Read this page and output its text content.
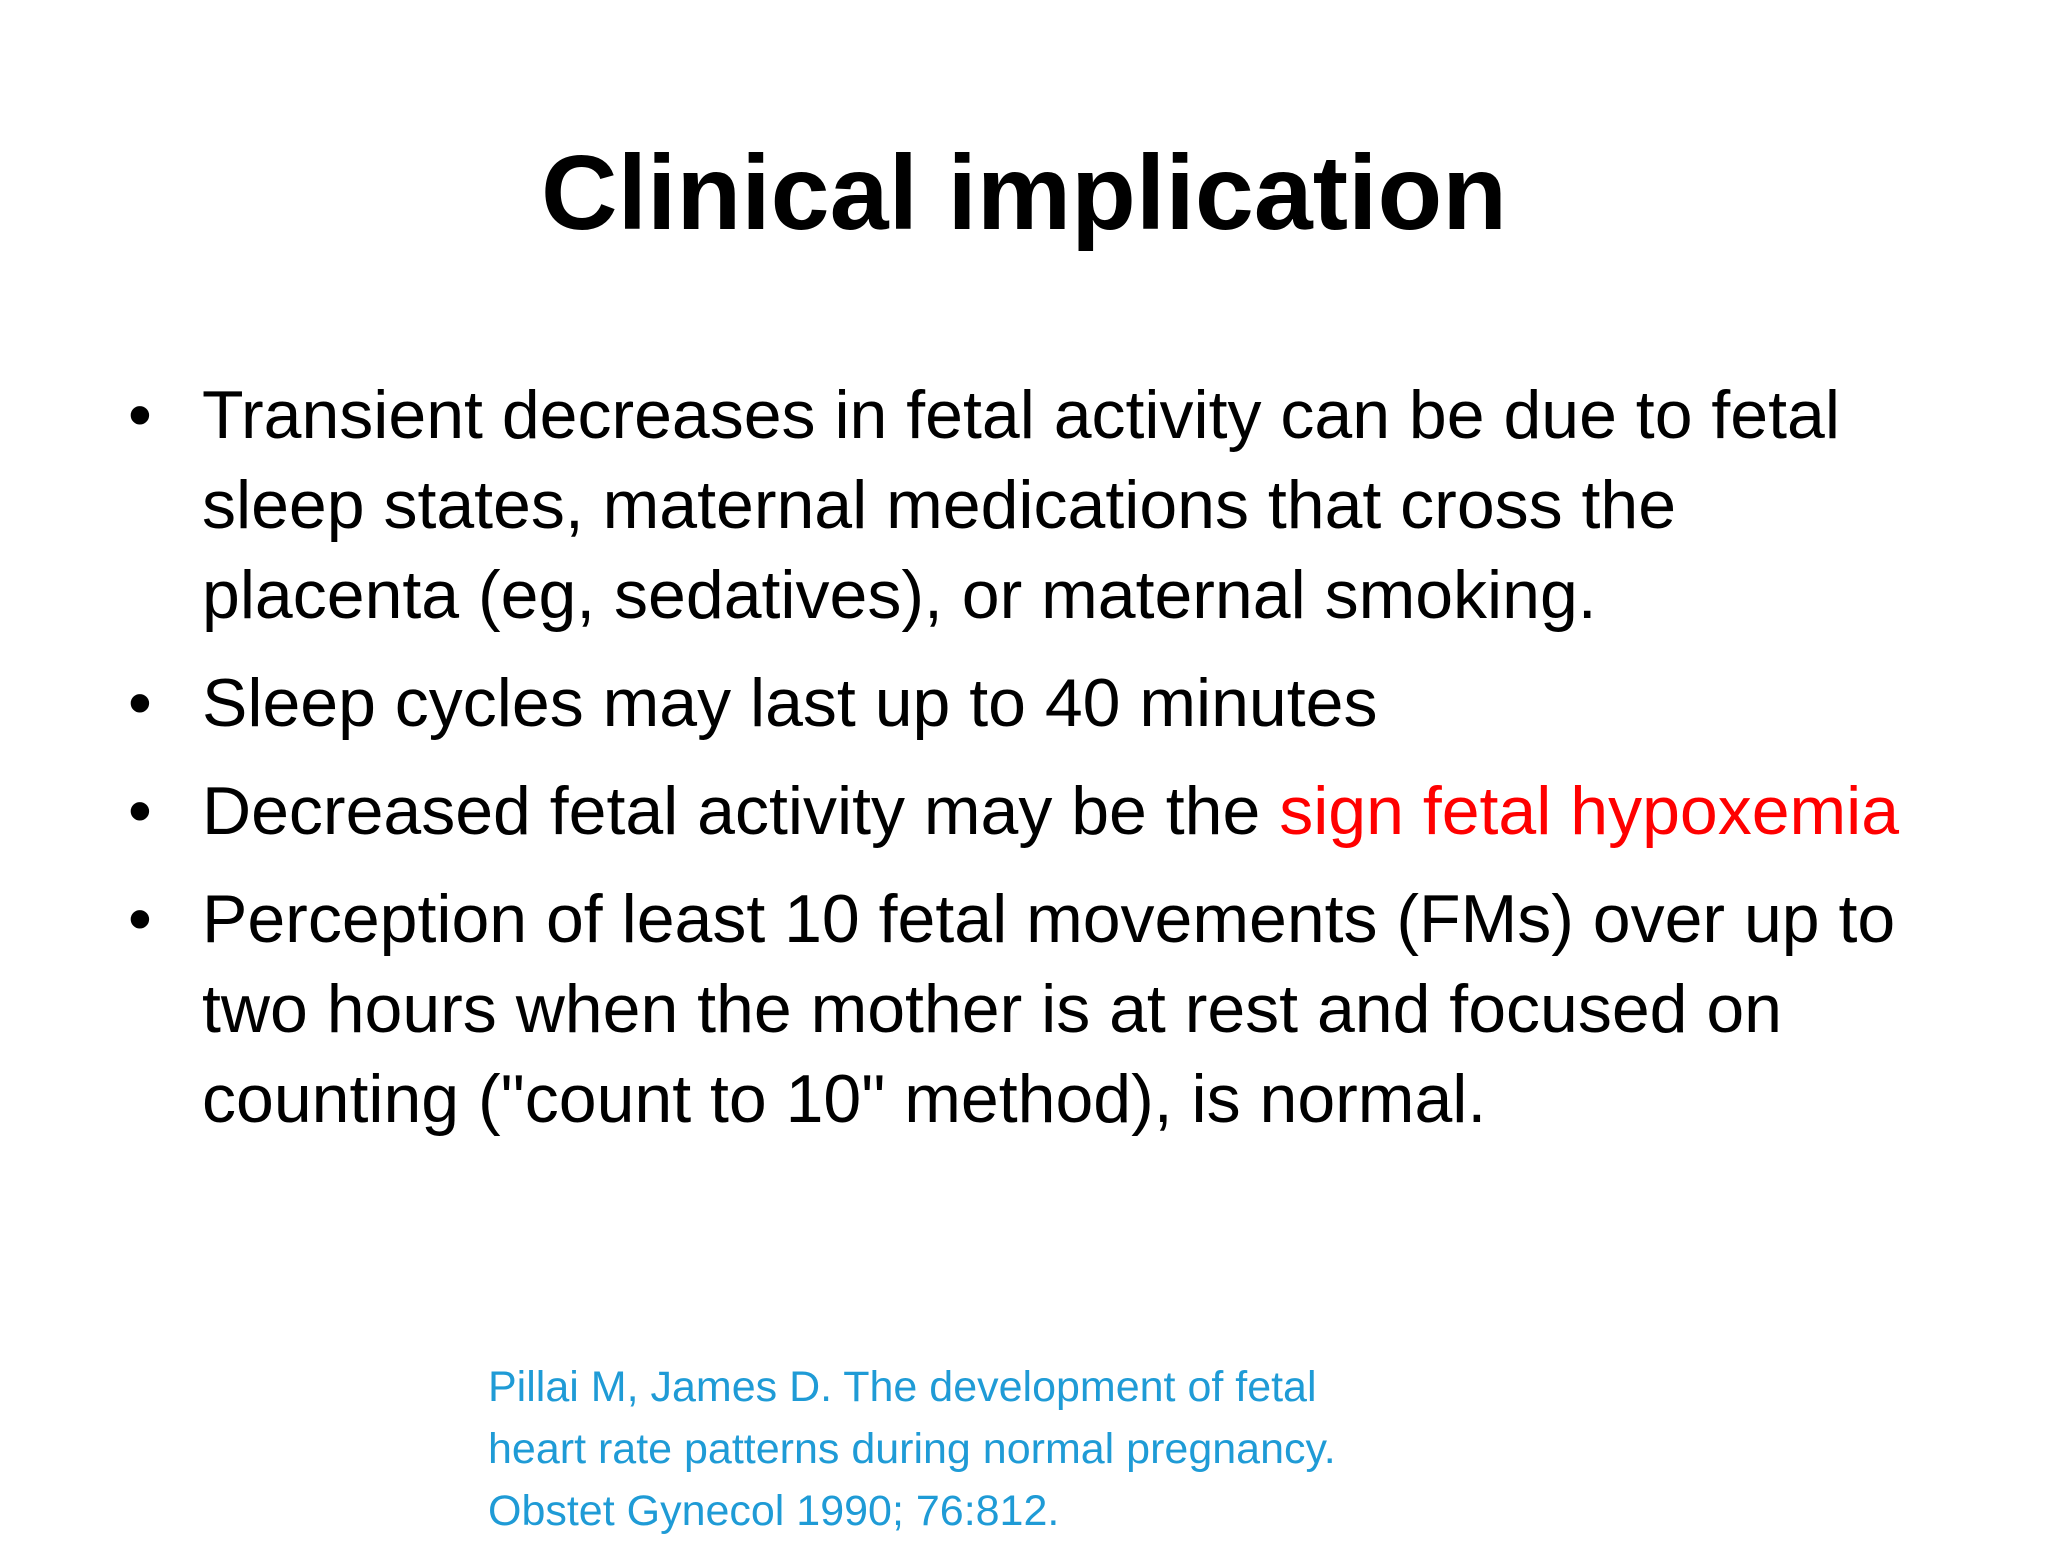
Clinical implication
• Transient decreases in fetal activity can be due to fetal sleep states, maternal medications that cross the placenta (eg, sedatives), or maternal smoking.
• Sleep cycles may last up to 40 minutes
• Decreased fetal activity may be the sign fetal hypoxemia
• Perception of least 10 fetal movements (FMs) over up to two hours when the mother is at rest and focused on counting ("count to 10" method), is normal.
Pillai M, James D. The development of fetal
heart rate patterns during normal pregnancy.
Obstet Gynecol 1990; 76:812.
